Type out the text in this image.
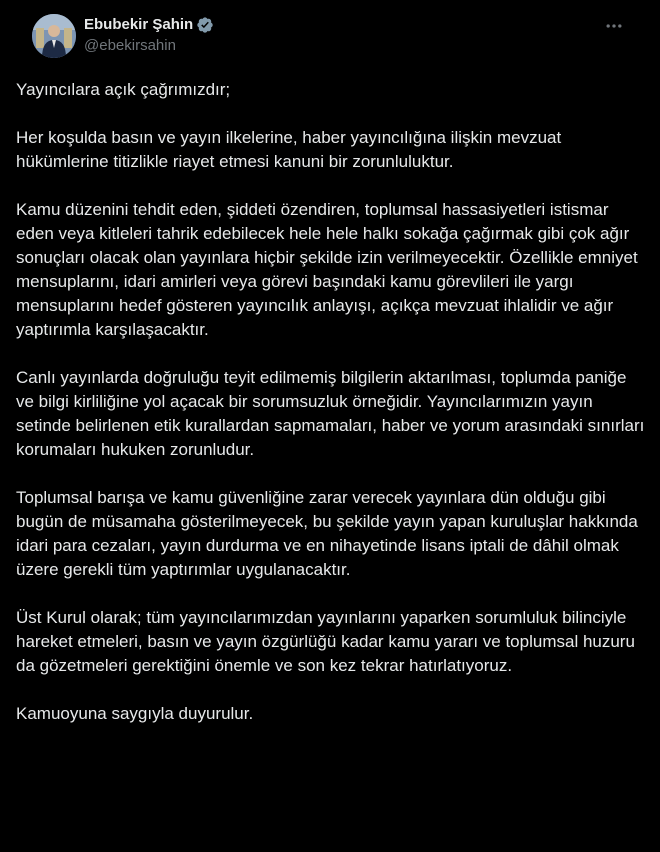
Ebubekir Şahin
@ebekirsahin

Yayıncılara açık çağrımızdır;

Her koşulda basın ve yayın ilkelerine, haber yayıncılığına ilişkin mevzuat hükümlerine titizlikle riayet etmesi kanuni bir zorunluluktur.

Kamu düzenini tehdit eden, şiddeti özendiren, toplumsal hassasiyetleri istismar eden veya kitleleri tahrik edebilecek hele hele halkı sokağa çağırmak gibi çok ağır sonuçları olacak olan yayınlara hiçbir şekilde izin verilmeyecektir. Özellikle emniyet mensuplarını, idari amirleri veya görevi başındaki kamu görevlileri ile yargı mensuplarını hedef gösteren yayıncılık anlayışı, açıkça mevzuat ihlalidir ve ağır yaptırımla karşılaşacaktır.

Canlı yayınlarda doğruluğu teyit edilmemiş bilgilerin aktarılması, toplumda paniğe ve bilgi kirliliğine yol açacak bir sorumsuzluk örneğidir. Yayıncılarımızın yayın setinde belirlenen etik kurallardan sapmamaları, haber ve yorum arasındaki sınırları korumaları hukuken zorunludur.

Toplumsal barışa ve kamu güvenliğine zarar verecek yayınlara dün olduğu gibi bugün de müsamaha gösterilmeyecek, bu şekilde yayın yapan kuruluşlar hakkında idari para cezaları, yayın durdurma ve en nihayetinde lisans iptali de dâhil olmak üzere gerekli tüm yaptırımlar uygulanacaktır.

Üst Kurul olarak; tüm yayıncılarımızdan yayınlarını yaparken sorumluluk bilinciyle hareket etmeleri, basın ve yayın özgürlüğü kadar kamu yararı ve toplumsal huzuru da gözetmeleri gerektiğini önemle ve son kez tekrar hatırlatıyoruz.

Kamuoyuna saygıyla duyurulur.
